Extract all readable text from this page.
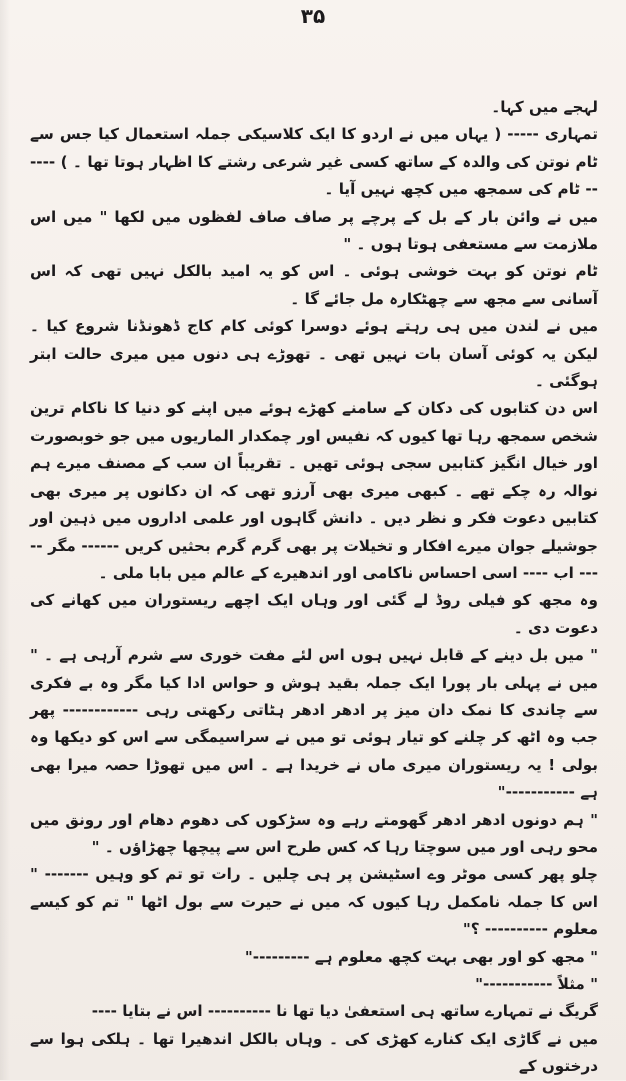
۳۵

لہجے میں کہا۔

تمہاری ----- ( یہاں میں نے اردو کا ایک کلاسیکی جملہ استعمال کیا جس سے ٹام نوتن کی والدہ کے ساتھ کسی غیر شرعی رشتے کا اظہار ہوتا تھا ۔ ) ------ ٹام کی سمجھ میں کچھ نہیں آیا ۔

میں نے وائن بار کے بل کے پرچے پر صاف صاف لفظوں میں لکھا " میں اس ملازمت سے مستعفی ہوتا ہوں ۔ "

ٹام نوتن کو بہت خوشی ہوئی ۔ اس کو یہ امید بالکل نہیں تھی کہ اس آسانی سے مجھ سے چھٹکارہ مل جائے گا ۔

میں نے لندن میں ہی رہتے ہوئے دوسرا کوئی کام کاج ڈھونڈنا شروع کیا ۔ لیکن یہ کوئی آسان بات نہیں تھی ۔ تھوڑے ہی دنوں میں میری حالت ابتر ہوگئی ۔

اس دن کتابوں کی دکان کے سامنے کھڑے ہوئے میں اپنے کو دنیا کا ناکام ترین شخص سمجھ رہا تھا کیوں کہ نفیس اور چمکدار الماریوں میں جو خوبصورت اور خیال انگیز کتابیں سجی ہوئی تھیں ۔ تقریباً ان سب کے مصنف میرے ہم نوالہ رہ چکے تھے ۔ کبھی میری بھی آرزو تھی کہ ان دکانوں پر میری بھی کتابیں دعوت فکر و نظر دیں ۔ دانش گاہوں اور علمی اداروں میں ذہین اور جوشیلے جوان میرے افکار و تخیلات پر بھی گرم گرم بحثیں کریں ------ مگر ----- اب ---- اسی احساس ناکامی اور اندھیرے کے عالم میں بابا ملی ۔

وہ مجھ کو فیلی روڈ لے گئی اور وہاں ایک اچھے ریستوران میں کھانے کی دعوت دی ۔

" میں بل دینے کے قابل نہیں ہوں اس لئے مفت خوری سے شرم آرہی ہے ۔ " میں نے پہلی بار پورا ایک جملہ بقید ہوش و حواس ادا کیا مگر وہ بے فکری سے چاندی کا نمک دان میز پر ادھر ادھر ہٹاتی رکھتی رہی ------------ پھر جب وہ اٹھ کر چلنے کو تیار ہوئی تو میں نے سراسیمگی سے اس کو دیکھا وہ بولی ! یہ ریستوران میری ماں نے خریدا ہے ۔ اس میں تھوڑا حصہ میرا بھی ہے -----------"

" ہم دونوں ادھر ادھر گھومتے رہے وہ سڑکوں کی دھوم دھام اور رونق میں محو رہی اور میں سوچتا رہا کہ کس طرح اس سے پیچھا چھڑاؤں ۔ "

چلو پھر کسی موٹر وے اسٹیشن پر ہی چلیں ۔ رات تو تم کو وہیں ------- " اس کا جملہ نامکمل رہا کیوں کہ میں نے حیرت سے بول اٹھا " تم کو کیسے معلوم ---------- ؟"

" مجھ کو اور بھی بہت کچھ معلوم ہے ---------"

" مثلاً -----------"

گریگ نے تمہارے ساتھ ہی استعفیٰ دیا تھا نا ---------- اس نے بتایا ----

میں نے گاڑی ایک کنارے کھڑی کی ۔ وہاں بالکل اندھیرا تھا ۔ ہلکی ہوا سے درختوں کے
